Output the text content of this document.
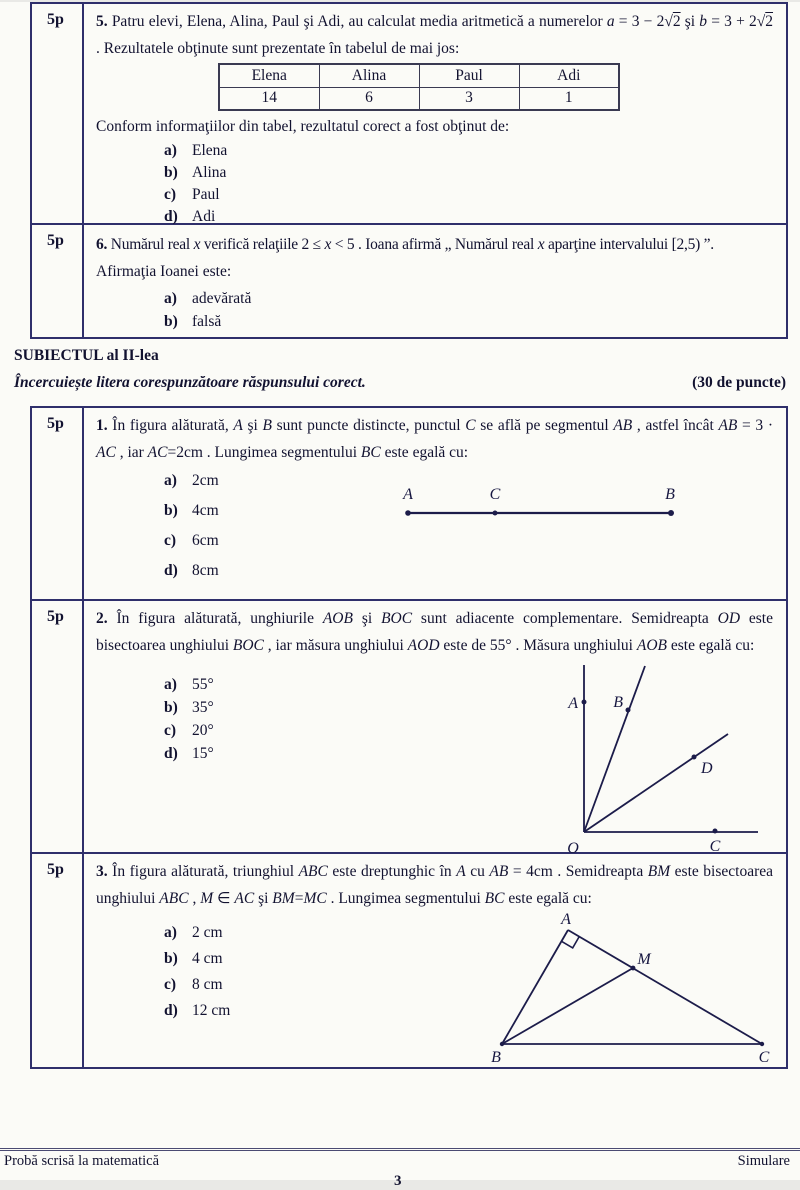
5p	5. Patru elevi, Elena, Alina, Paul şi Adi, au calculat media aritmetică a numerelor a = 3 − 2√2 şi b = 3 + 2√2 . Rezultatele obţinute sunt prezentate în tabelul de mai jos:
Elena	Alina	Paul	Adi
14	6	3	1
Conform informaţiilor din tabel, rezultatul corect a fost obţinut de:
a) Elena
b) Alina
c)	Paul
d) Adi
5p	6. Numărul real x verifică relaţiile 2 ≤ x < 5 . Ioana afirmă „ Numărul real x aparţine intervalului [2,5) ”.
Afirmaţia Ioanei este:
a) adevărată
b) falsă
SUBIECTUL al II-lea
Încercuiește litera corespunzătoare răspunsului corect.	(30 de puncte)
5p	1. În figura alăturată, A şi B sunt puncte distincte, punctul C se află pe segmentul AB , astfel încât AB = 3 · AC , iar AC=2cm . Lungimea segmentului BC este egală cu:
a) 2cm
b) 4cm
c)	6cm
d) 8cm
A	C	B
5p	2. În figura alăturată, unghiurile AOB şi BOC sunt adiacente complementare. Semidreapta OD este bisectoarea unghiului BOC , iar măsura unghiului AOD este de 55° . Măsura unghiului AOB este egală cu:
a) 55°
b) 35°
c)	20°
d) 15°
A B
D
C
O
5p	3. În figura alăturată, triunghiul ABC este dreptunghic în A cu AB = 4cm . Semidreapta BM este bisectoarea unghiului ABC , M ∈ AC şi BM=MC . Lungimea segmentului BC este egală cu:
a) 2 cm
b) 4 cm
c)	8 cm
d) 12 cm
A
M
B	C
Probă scrisă la matematică	Simulare
3
